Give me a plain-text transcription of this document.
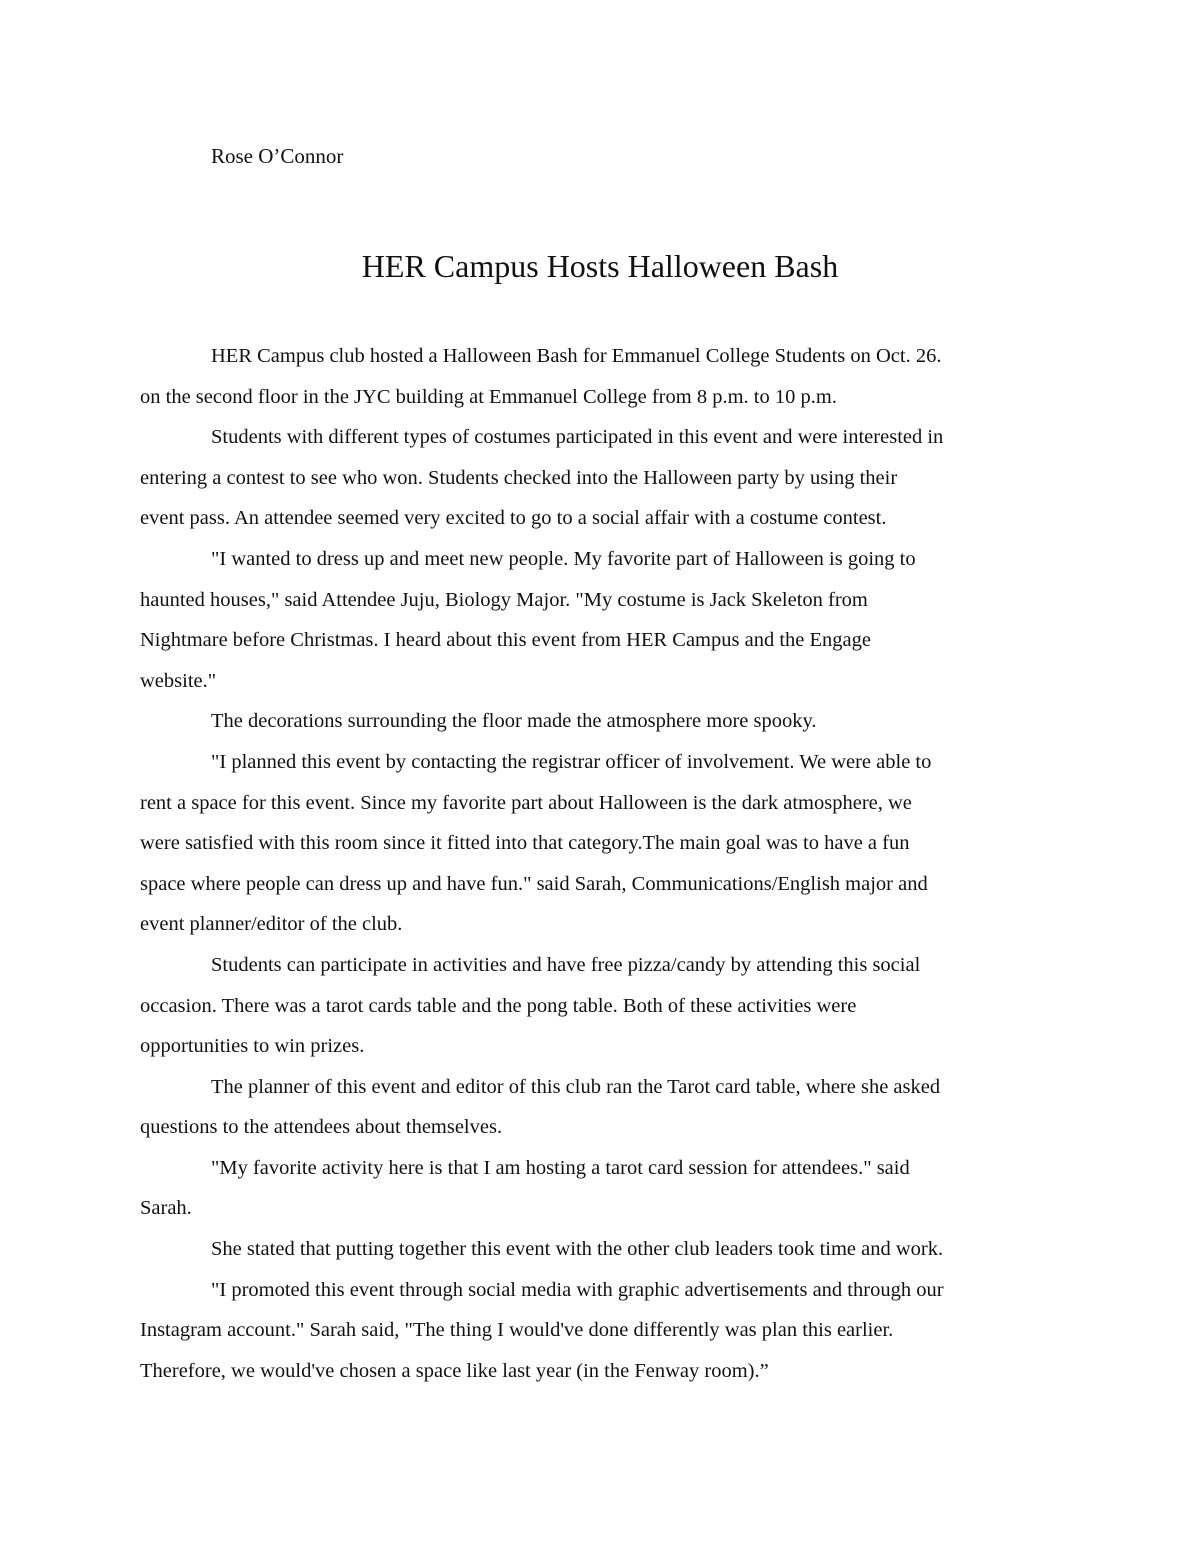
Rose O’Connor

HER Campus Hosts Halloween Bash
HER Campus club hosted a Halloween Bash for Emmanuel College Students on Oct. 26.
on the second floor in the JYC building at Emmanuel College from 8 p.m. to 10 p.m.
Students with different types of costumes participated in this event and were interested in
entering a contest to see who won. Students checked into the Halloween party by using their
event pass. An attendee seemed very excited to go to a social affair with a costume contest.
"I wanted to dress up and meet new people. My favorite part of Halloween is going to
haunted houses," said Attendee Juju, Biology Major. "My costume is Jack Skeleton from
Nightmare before Christmas. I heard about this event from HER Campus and the Engage
website."
The decorations surrounding the floor made the atmosphere more spooky.
"I planned this event by contacting the registrar officer of involvement. We were able to
rent a space for this event. Since my favorite part about Halloween is the dark atmosphere, we
were satisfied with this room since it fitted into that category.The main goal was to have a fun
space where people can dress up and have fun." said Sarah, Communications/English major and
event planner/editor of the club.
Students can participate in activities and have free pizza/candy by attending this social
occasion. There was a tarot cards table and the pong table. Both of these activities were
opportunities to win prizes.
The planner of this event and editor of this club ran the Tarot card table, where she asked
questions to the attendees about themselves.
"My favorite activity here is that I am hosting a tarot card session for attendees." said
Sarah.
She stated that putting together this event with the other club leaders took time and work.
"I promoted this event through social media with graphic advertisements and through our
Instagram account." Sarah said, "The thing I would've done differently was plan this earlier.
Therefore, we would've chosen a space like last year (in the Fenway room).”
